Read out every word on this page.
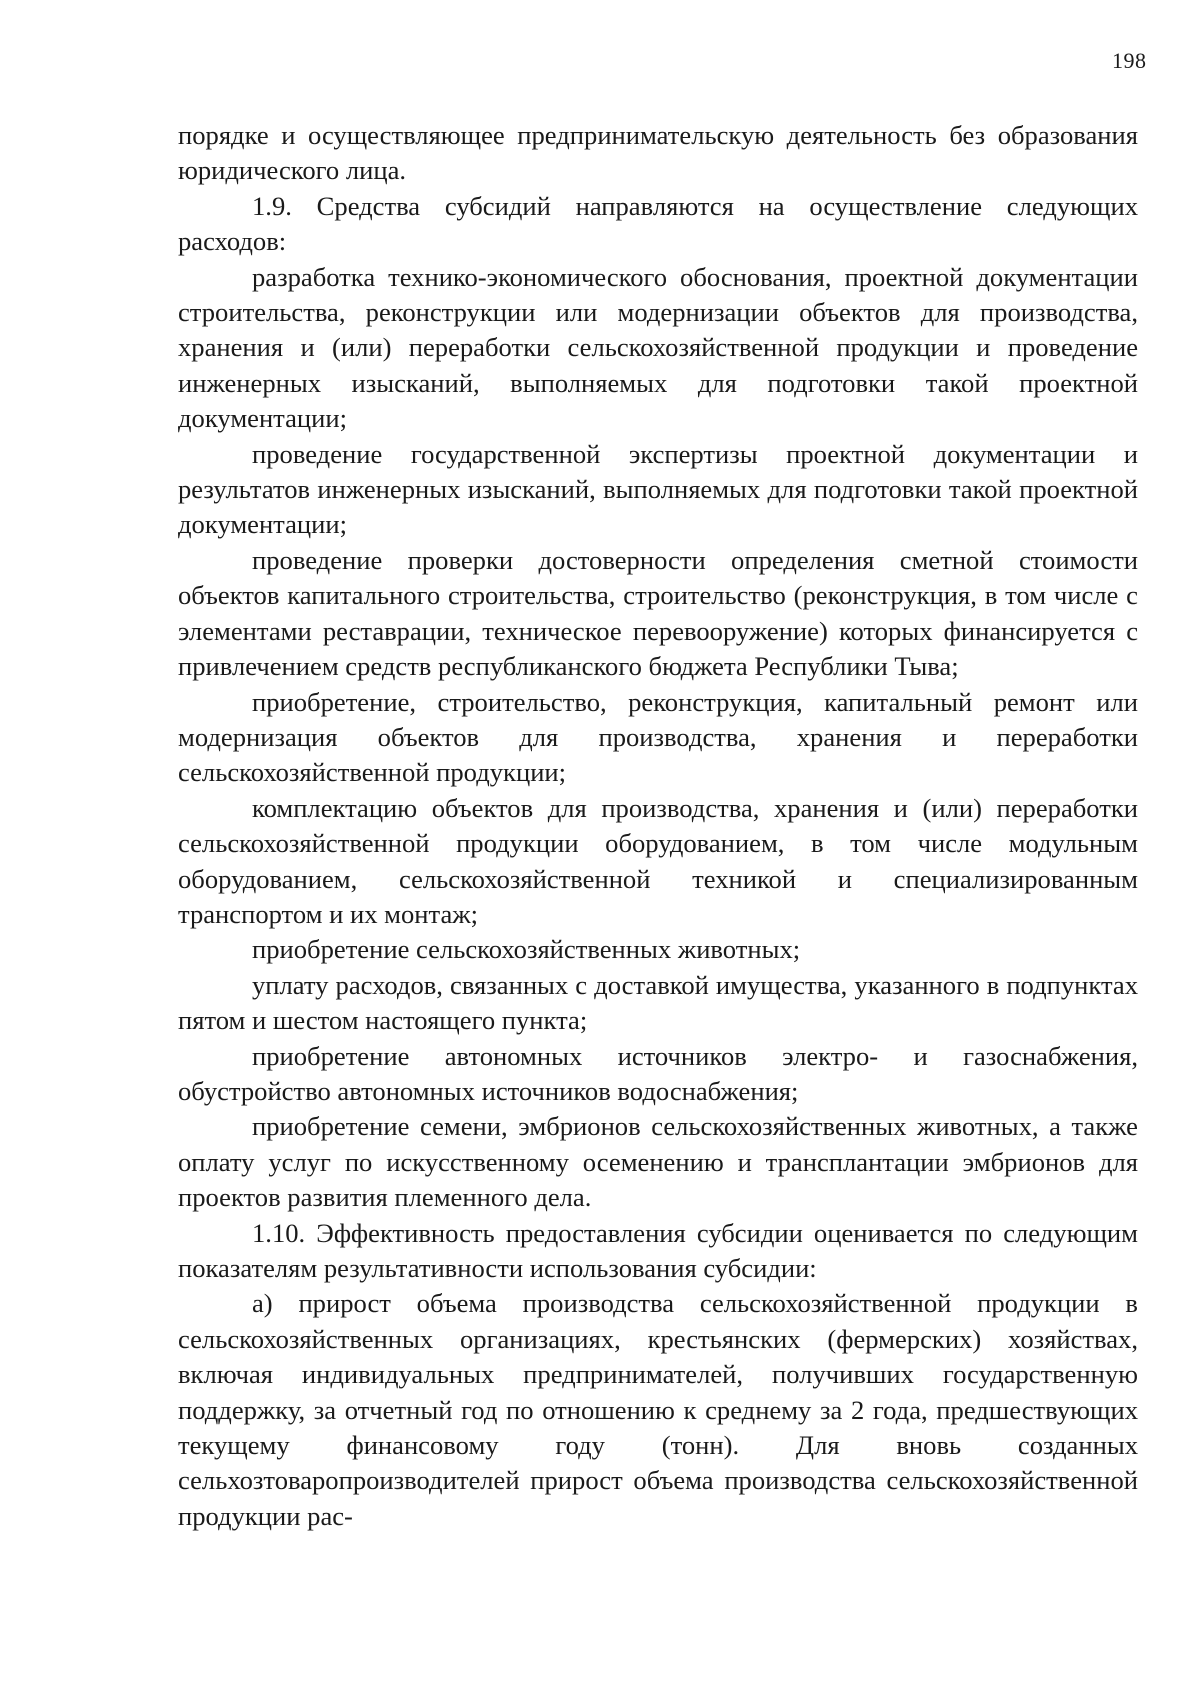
198

порядке и осуществляющее предпринимательскую деятельность без образования юридического лица.

1.9. Средства субсидий направляются на осуществление следующих расходов:

разработка технико-экономического обоснования, проектной документации строительства, реконструкции или модернизации объектов для производства, хранения и (или) переработки сельскохозяйственной продукции и проведение инженерных изысканий, выполняемых для подготовки такой проектной документации;

проведение государственной экспертизы проектной документации и результатов инженерных изысканий, выполняемых для подготовки такой проектной документации;

проведение проверки достоверности определения сметной стоимости объектов капитального строительства, строительство (реконструкция, в том числе с элементами реставрации, техническое перевооружение) которых финансируется с привлечением средств республиканского бюджета Республики Тыва;

приобретение, строительство, реконструкция, капитальный ремонт или модернизация объектов для производства, хранения и переработки сельскохозяйственной продукции;

комплектацию объектов для производства, хранения и (или) переработки сельскохозяйственной продукции оборудованием, в том числе модульным оборудованием, сельскохозяйственной техникой и специализированным транспортом и их монтаж;

приобретение сельскохозяйственных животных;

уплату расходов, связанных с доставкой имущества, указанного в подпунктах пятом и шестом настоящего пункта;

приобретение автономных источников электро- и газоснабжения, обустройство автономных источников водоснабжения;

приобретение семени, эмбрионов сельскохозяйственных животных, а также оплату услуг по искусственному осеменению и трансплантации эмбрионов для проектов развития племенного дела.

1.10. Эффективность предоставления субсидии оценивается по следующим показателям результативности использования субсидии:

а) прирост объема производства сельскохозяйственной продукции в сельскохозяйственных организациях, крестьянских (фермерских) хозяйствах, включая индивидуальных предпринимателей, получивших государственную поддержку, за отчетный год по отношению к среднему за 2 года, предшествующих текущему финансовому году (тонн). Для вновь созданных сельхозтоваропроизводителей прирост объема производства сельскохозяйственной продукции рас-
